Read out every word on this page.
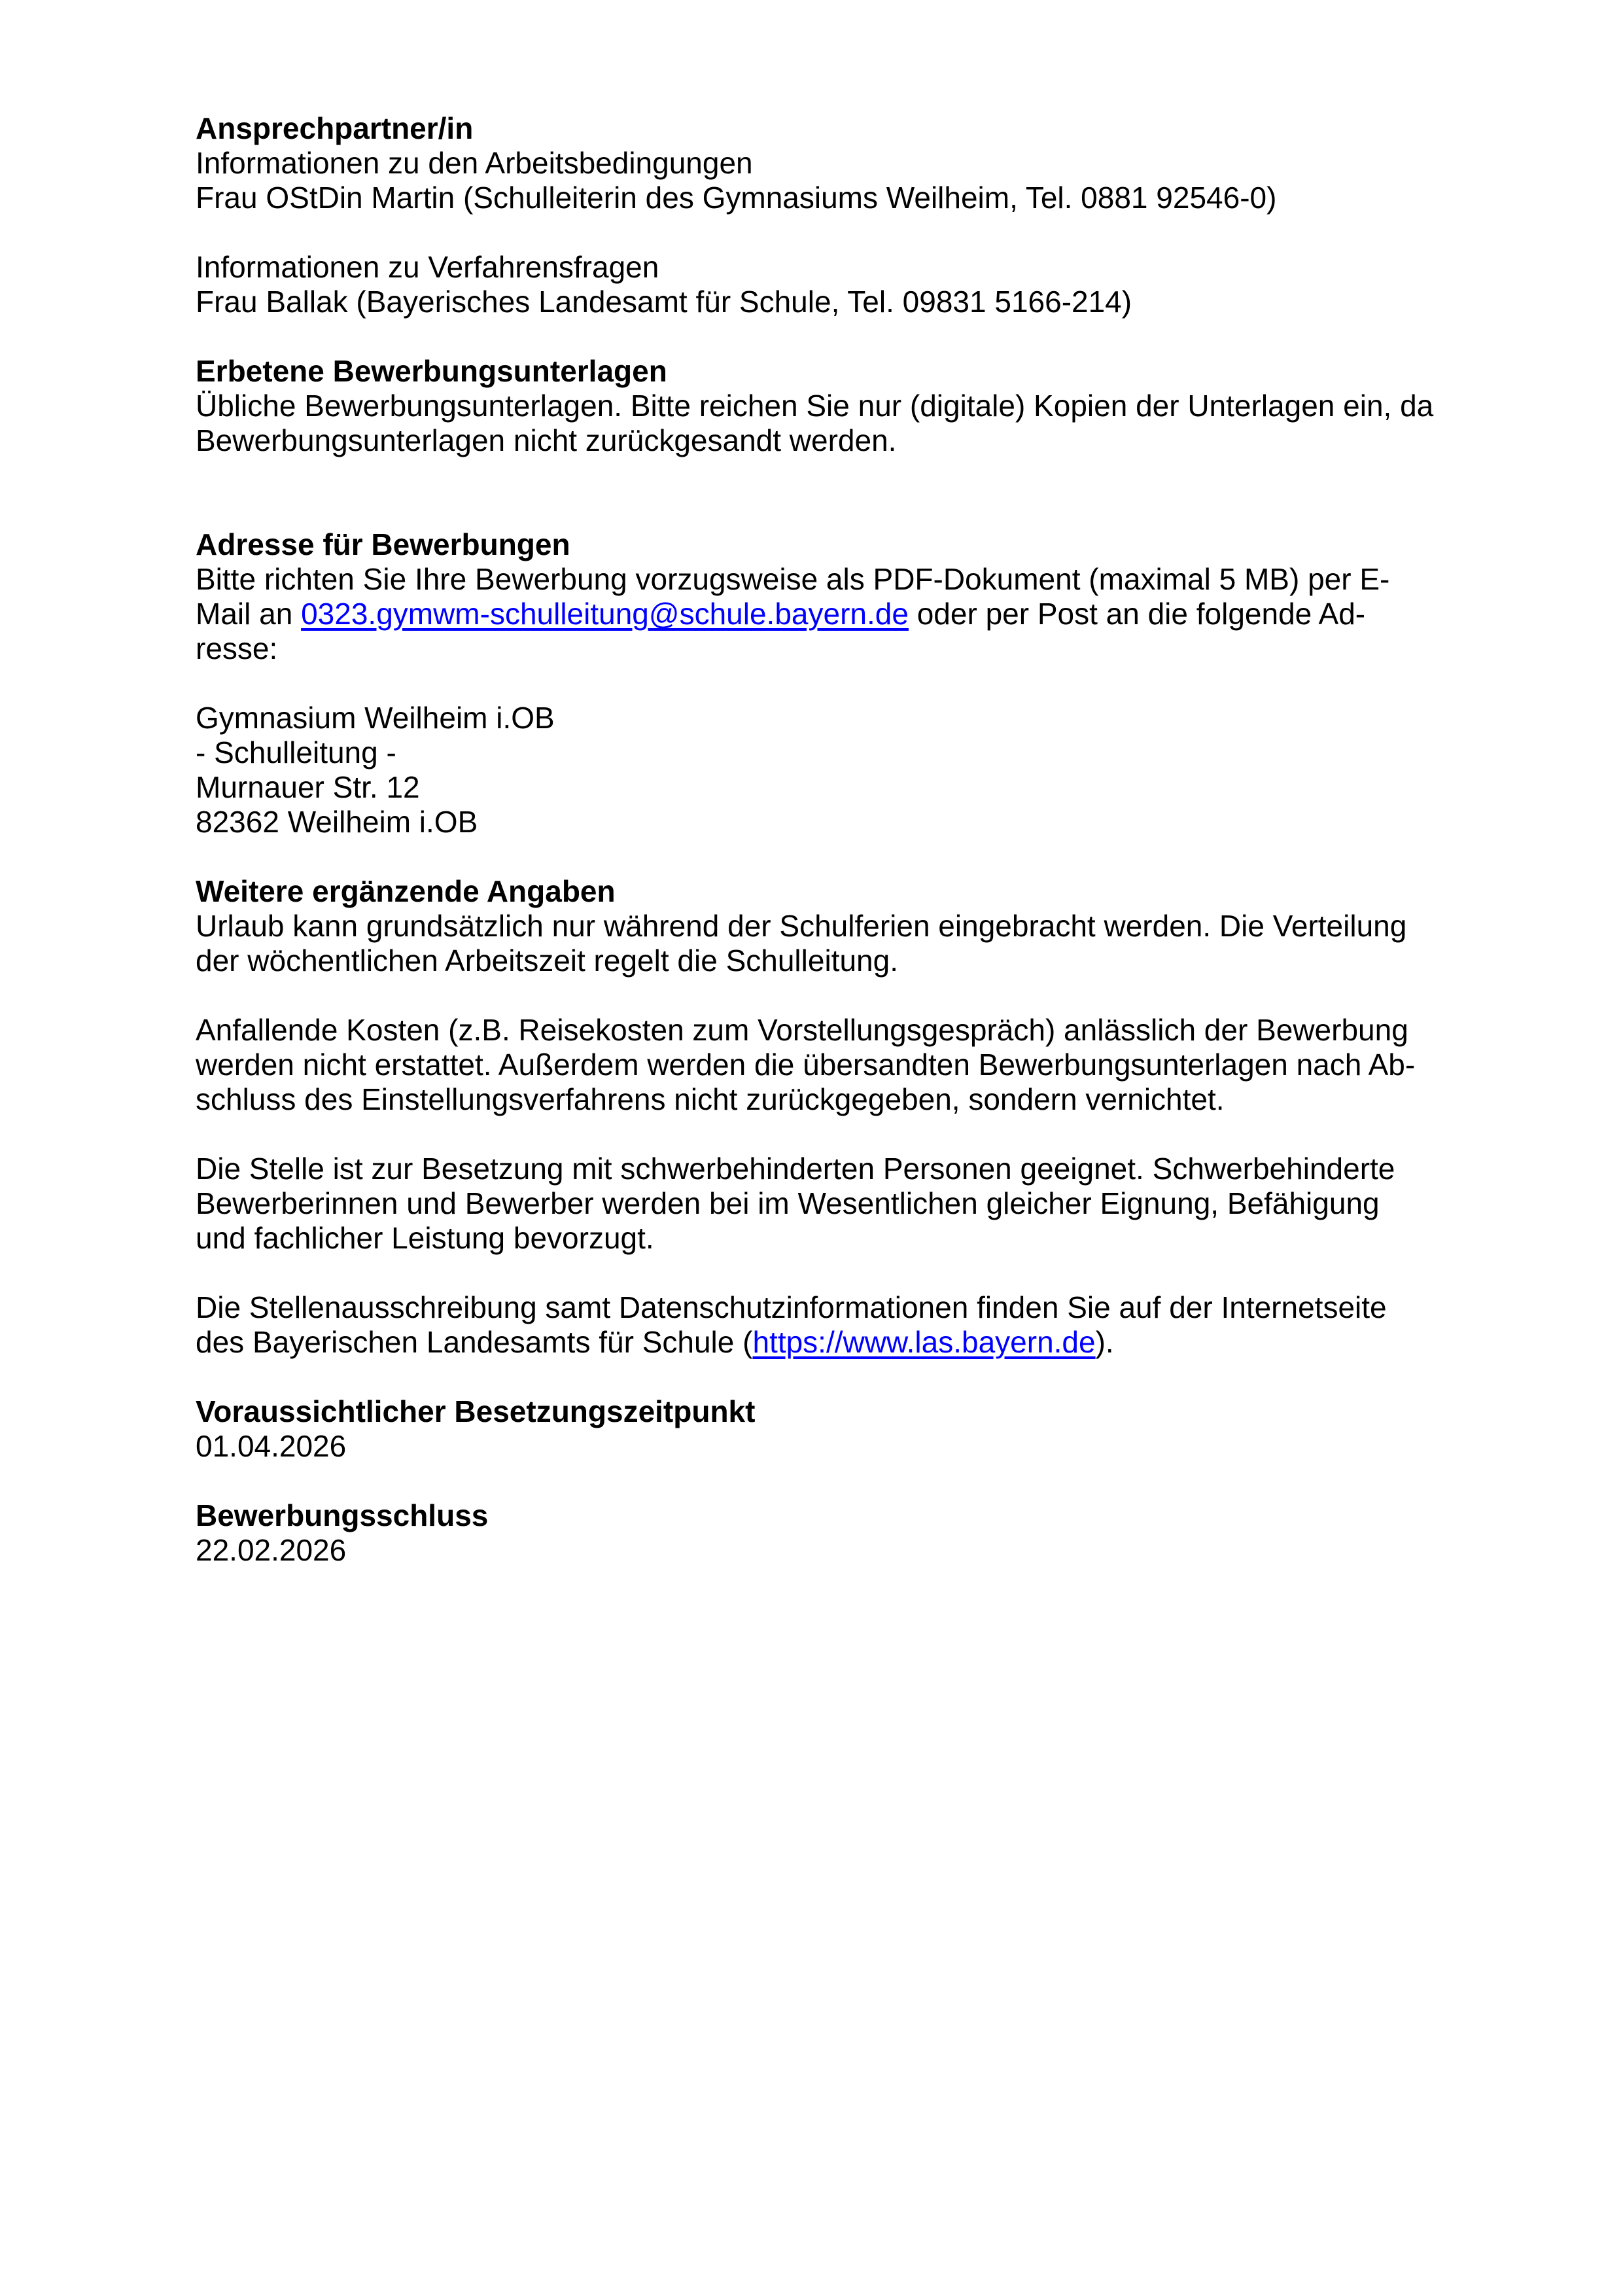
Ansprechpartner/in
Informationen zu den Arbeitsbedingungen
Frau OStDin Martin (Schulleiterin des Gymnasiums Weilheim, Tel. 0881 92546-0)
Informationen zu Verfahrensfragen
Frau Ballak (Bayerisches Landesamt für Schule, Tel. 09831 5166-214)
Erbetene Bewerbungsunterlagen
Übliche Bewerbungsunterlagen. Bitte reichen Sie nur (digitale) Kopien der Unterlagen ein, da
Bewerbungsunterlagen nicht zurückgesandt werden.
Adresse für Bewerbungen
Bitte richten Sie Ihre Bewerbung vorzugsweise als PDF-Dokument (maximal 5 MB) per E-
Mail an 0323.gymwm-schulleitung@schule.bayern.de oder per Post an die folgende Ad-
resse:
Gymnasium Weilheim i.OB
- Schulleitung -
Murnauer Str. 12
82362 Weilheim i.OB
Weitere ergänzende Angaben
Urlaub kann grundsätzlich nur während der Schulferien eingebracht werden. Die Verteilung
der wöchentlichen Arbeitszeit regelt die Schulleitung.
Anfallende Kosten (z.B. Reisekosten zum Vorstellungsgespräch) anlässlich der Bewerbung
werden nicht erstattet. Außerdem werden die übersandten Bewerbungsunterlagen nach Ab-
schluss des Einstellungsverfahrens nicht zurückgegeben, sondern vernichtet.
Die Stelle ist zur Besetzung mit schwerbehinderten Personen geeignet. Schwerbehinderte
Bewerberinnen und Bewerber werden bei im Wesentlichen gleicher Eignung, Befähigung
und fachlicher Leistung bevorzugt.
Die Stellenausschreibung samt Datenschutzinformationen finden Sie auf der Internetseite
des Bayerischen Landesamts für Schule (https://www.las.bayern.de).
Voraussichtlicher Besetzungszeitpunkt
01.04.2026
Bewerbungsschluss
22.02.2026
